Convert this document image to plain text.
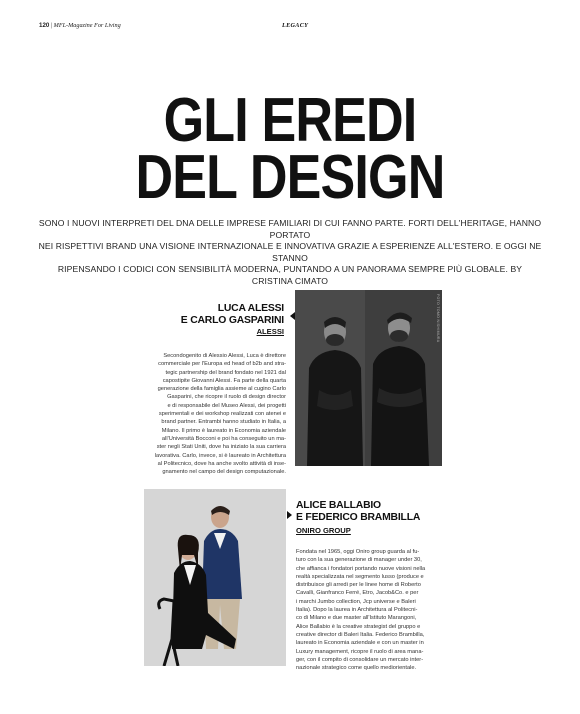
120 | MFL-Magazine For Living	LEGACY
GLI EREDI
DEL DESIGN
SONO I NUOVI INTERPRETI DEL DNA DELLE IMPRESE FAMILIARI DI CUI FANNO PARTE. FORTI DELL'HERITAGE, HANNO PORTATO
NEI RISPETTIVI BRAND UNA VISIONE INTERNAZIONALE E INNOVATIVA GRAZIE A ESPERIENZE ALL'ESTERO. E OGGI NE STANNO
RIPENSANDO I CODICI CON SENSIBILITÀ MODERNA, PUNTANDO A UN PANORAMA SEMPRE PIÙ GLOBALE. BY CRISTINA CIMATO
FOTO TOMO NISHIMURA
LUCA ALESSI
E CARLO GASPARINI
ALESSI
Secondogenito di Alessio Alessi, Luca è direttore
commerciale per l'Europa ed head of b2b and stra-
tegic partnership del brand fondato nel 1921 dal
capostipite Giovanni Alessi. Fa parte della quarta
generazione della famiglia assieme al cugino Carlo
Gasparini, che ricopre il ruolo di design director
e di responsabile del Museo Alessi, dei progetti
sperimentali e dei workshop realizzati con atenei e
brand partner. Entrambi hanno studiato in Italia, a
Milano. Il primo è laureato in Economia aziendale
all'Università Bocconi e poi ha conseguito un ma-
ster negli Stati Uniti, dove ha iniziato la sua carriera
lavorativa. Carlo, invece, si è laureato in Architettura
al Politecnico, dove ha anche svolto attività di inse-
gnamento nel campo del design computazionale.
ALICE BALLABIO
E FEDERICO BRAMBILLA
ONIRO GROUP
Fondata nel 1965, oggi Oniro group guarda al fu-
turo con la sua generazione di manager under 30,
che affianca i fondatori portando nuove visioni nella
realtà specializzata nel segmento lusso (produce e
distribuisce gli arredi per le linee home di Roberto
Cavalli, Gianfranco Ferré, Etro, Jacob&Co. e per
i marchi Jumbo collection, Jcp universe e Baleri
Italia). Dopo la laurea in Architettura al Politecni-
co di Milano e due master all'Istituto Marangoni,
Alice Ballabio è la creative strategist del gruppo e
creative director di Baleri Italia. Federico Brambilla,
laureato in Economia aziendale e con un master in
Luxury management, ricopre il ruolo di area mana-
ger, con il compito di consolidare un mercato inter-
nazionale strategico come quello mediorientale.
